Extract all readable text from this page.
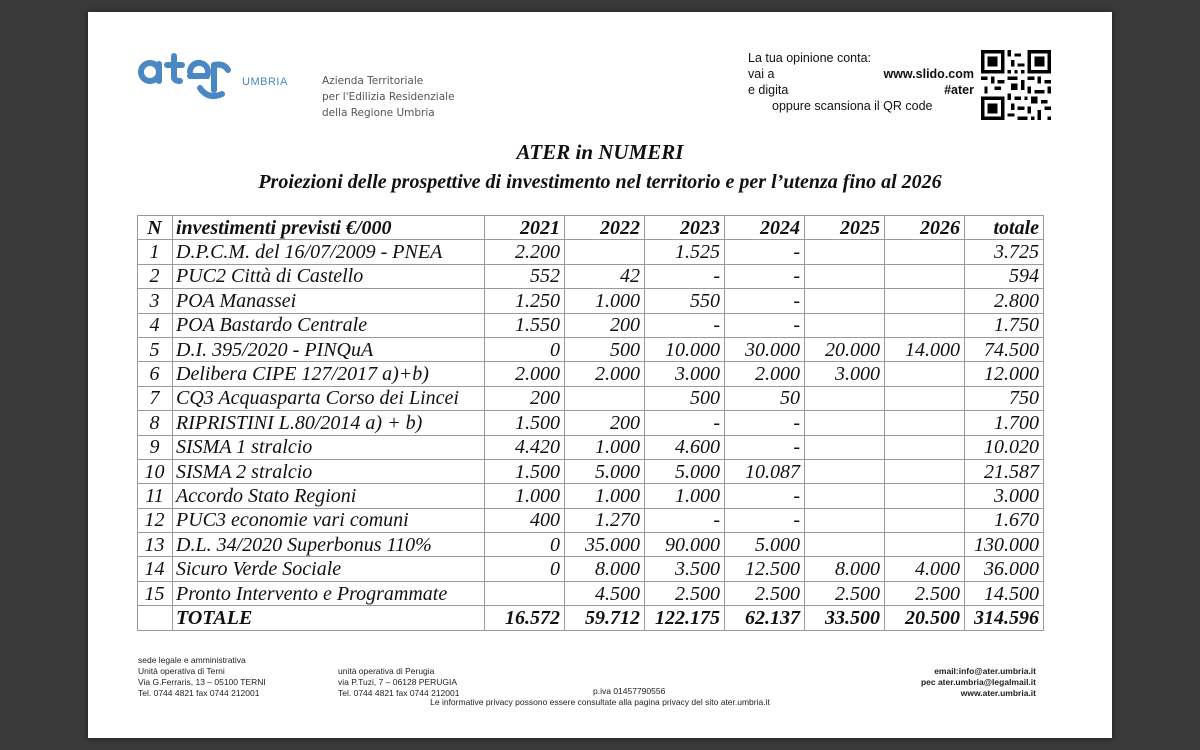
UMBRIA	Azienda Territoriale
per l'Edilizia Residenziale
della Regione Umbria
La tua opinione conta:
vai a	www.slido.com
e digita	#ater
oppure scansiona il QR code
ATER in NUMERI
Proiezioni delle prospettive di investimento nel territorio e per l’utenza fino al 2026
N	investimenti previsti €/000	2021	2022	2023	2024	2025	2026	totale
1	D.P.C.M. del 16/07/2009 - PNEA	2.200		1.525	-			3.725
2	PUC2 Città di Castello	552	42	-	-			594
3	POA Manassei	1.250	1.000	550	-			2.800
4	POA Bastardo Centrale	1.550	200	-	-			1.750
5	D.I. 395/2020 - PINQuA	0	500	10.000	30.000	20.000	14.000	74.500
6	Delibera CIPE 127/2017 a)+b)	2.000	2.000	3.000	2.000	3.000		12.000
7	CQ3 Acquasparta Corso dei Lincei	200		500	50			750
8	RIPRISTINI L.80/2014 a) + b)	1.500	200	-	-			1.700
9	SISMA 1 stralcio	4.420	1.000	4.600	-			10.020
10	SISMA 2 stralcio	1.500	5.000	5.000	10.087			21.587
11	Accordo Stato Regioni	1.000	1.000	1.000	-			3.000
12	PUC3 economie vari comuni	400	1.270	-	-			1.670
13	D.L. 34/2020 Superbonus 110%	0	35.000	90.000	5.000			130.000
14	Sicuro Verde Sociale	0	8.000	3.500	12.500	8.000	4.000	36.000
15	Pronto Intervento e Programmate		4.500	2.500	2.500	2.500	2.500	14.500
	TOTALE	16.572	59.712	122.175	62.137	33.500	20.500	314.596
sede legale e amministrativa
Unità operativa di Terni
Via G.Ferraris, 13 – 05100 TERNI
Tel. 0744 4821 fax 0744 212001
unità operativa di Perugia
via P.Tuzi, 7 – 06128 PERUGIA
Tel. 0744 4821 fax 0744 212001	p.iva 01457790556
email:info@ater.umbria.it
pec ater.umbria@legalmail.it
www.ater.umbria.it
Le informative privacy possono essere consultate alla pagina privacy del sito ater.umbria.it
